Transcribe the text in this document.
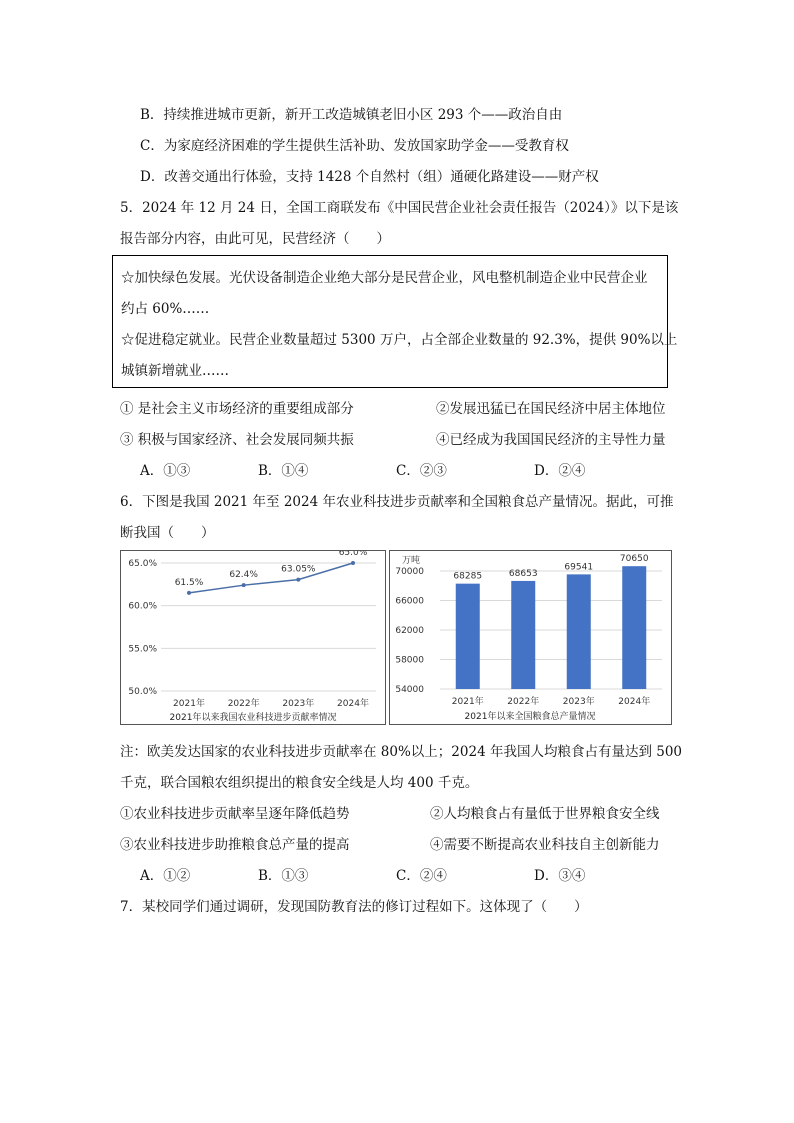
B．持续推进城市更新，新开工改造城镇老旧小区 293 个——政治自由
C．为家庭经济困难的学生提供生活补助、发放国家助学金——受教育权
D．改善交通出行体验，支持 1428 个自然村（组）通硬化路建设——财产权
5．2024 年 12 月 24 日，全国工商联发布《中国民营企业社会责任报告（2024）》以下是该
报告部分内容，由此可见，民营经济（　　）
☆加快绿色发展。光伏设备制造企业绝大部分是民营企业，风电整机制造企业中民营企业
约占 60%……
☆促进稳定就业。民营企业数量超过 5300 万户，占全部企业数量的 92.3%，提供 90%以上
城镇新增就业……
① 是社会主义市场经济的重要组成部分	②发展迅猛已在国民经济中居主体地位
③ 积极与国家经济、社会发展同频共振	④已经成为我国国民经济的主导性力量
A．①③	B．①④	C．②③	D．②④
6．下图是我国 2021 年至 2024 年农业科技进步贡献率和全国粮食总产量情况。据此，可推
断我国（　　）
50.0%
55.0%
60.0%
65.0%
61.5%
62.4%
63.05%
65.0%
2021年	2022年	2023年	2024年
2021年以来我国农业科技进步贡献率情况
万吨
54000
58000
62000
66000
70000	68285
2021年
68653
2022年
69541
2023年
70650
2024年
2021年以来全国粮食总产量情况
注：欧美发达国家的农业科技进步贡献率在 80%以上；2024 年我国人均粮食占有量达到 500
千克，联合国粮农组织提出的粮食安全线是人均 400 千克。
①农业科技进步贡献率呈逐年降低趋势	②人均粮食占有量低于世界粮食安全线
③农业科技进步助推粮食总产量的提高	④需要不断提高农业科技自主创新能力
A．①②	B．①③	C．②④	D．③④
7．某校同学们通过调研，发现国防教育法的修订过程如下。这体现了（　　）
